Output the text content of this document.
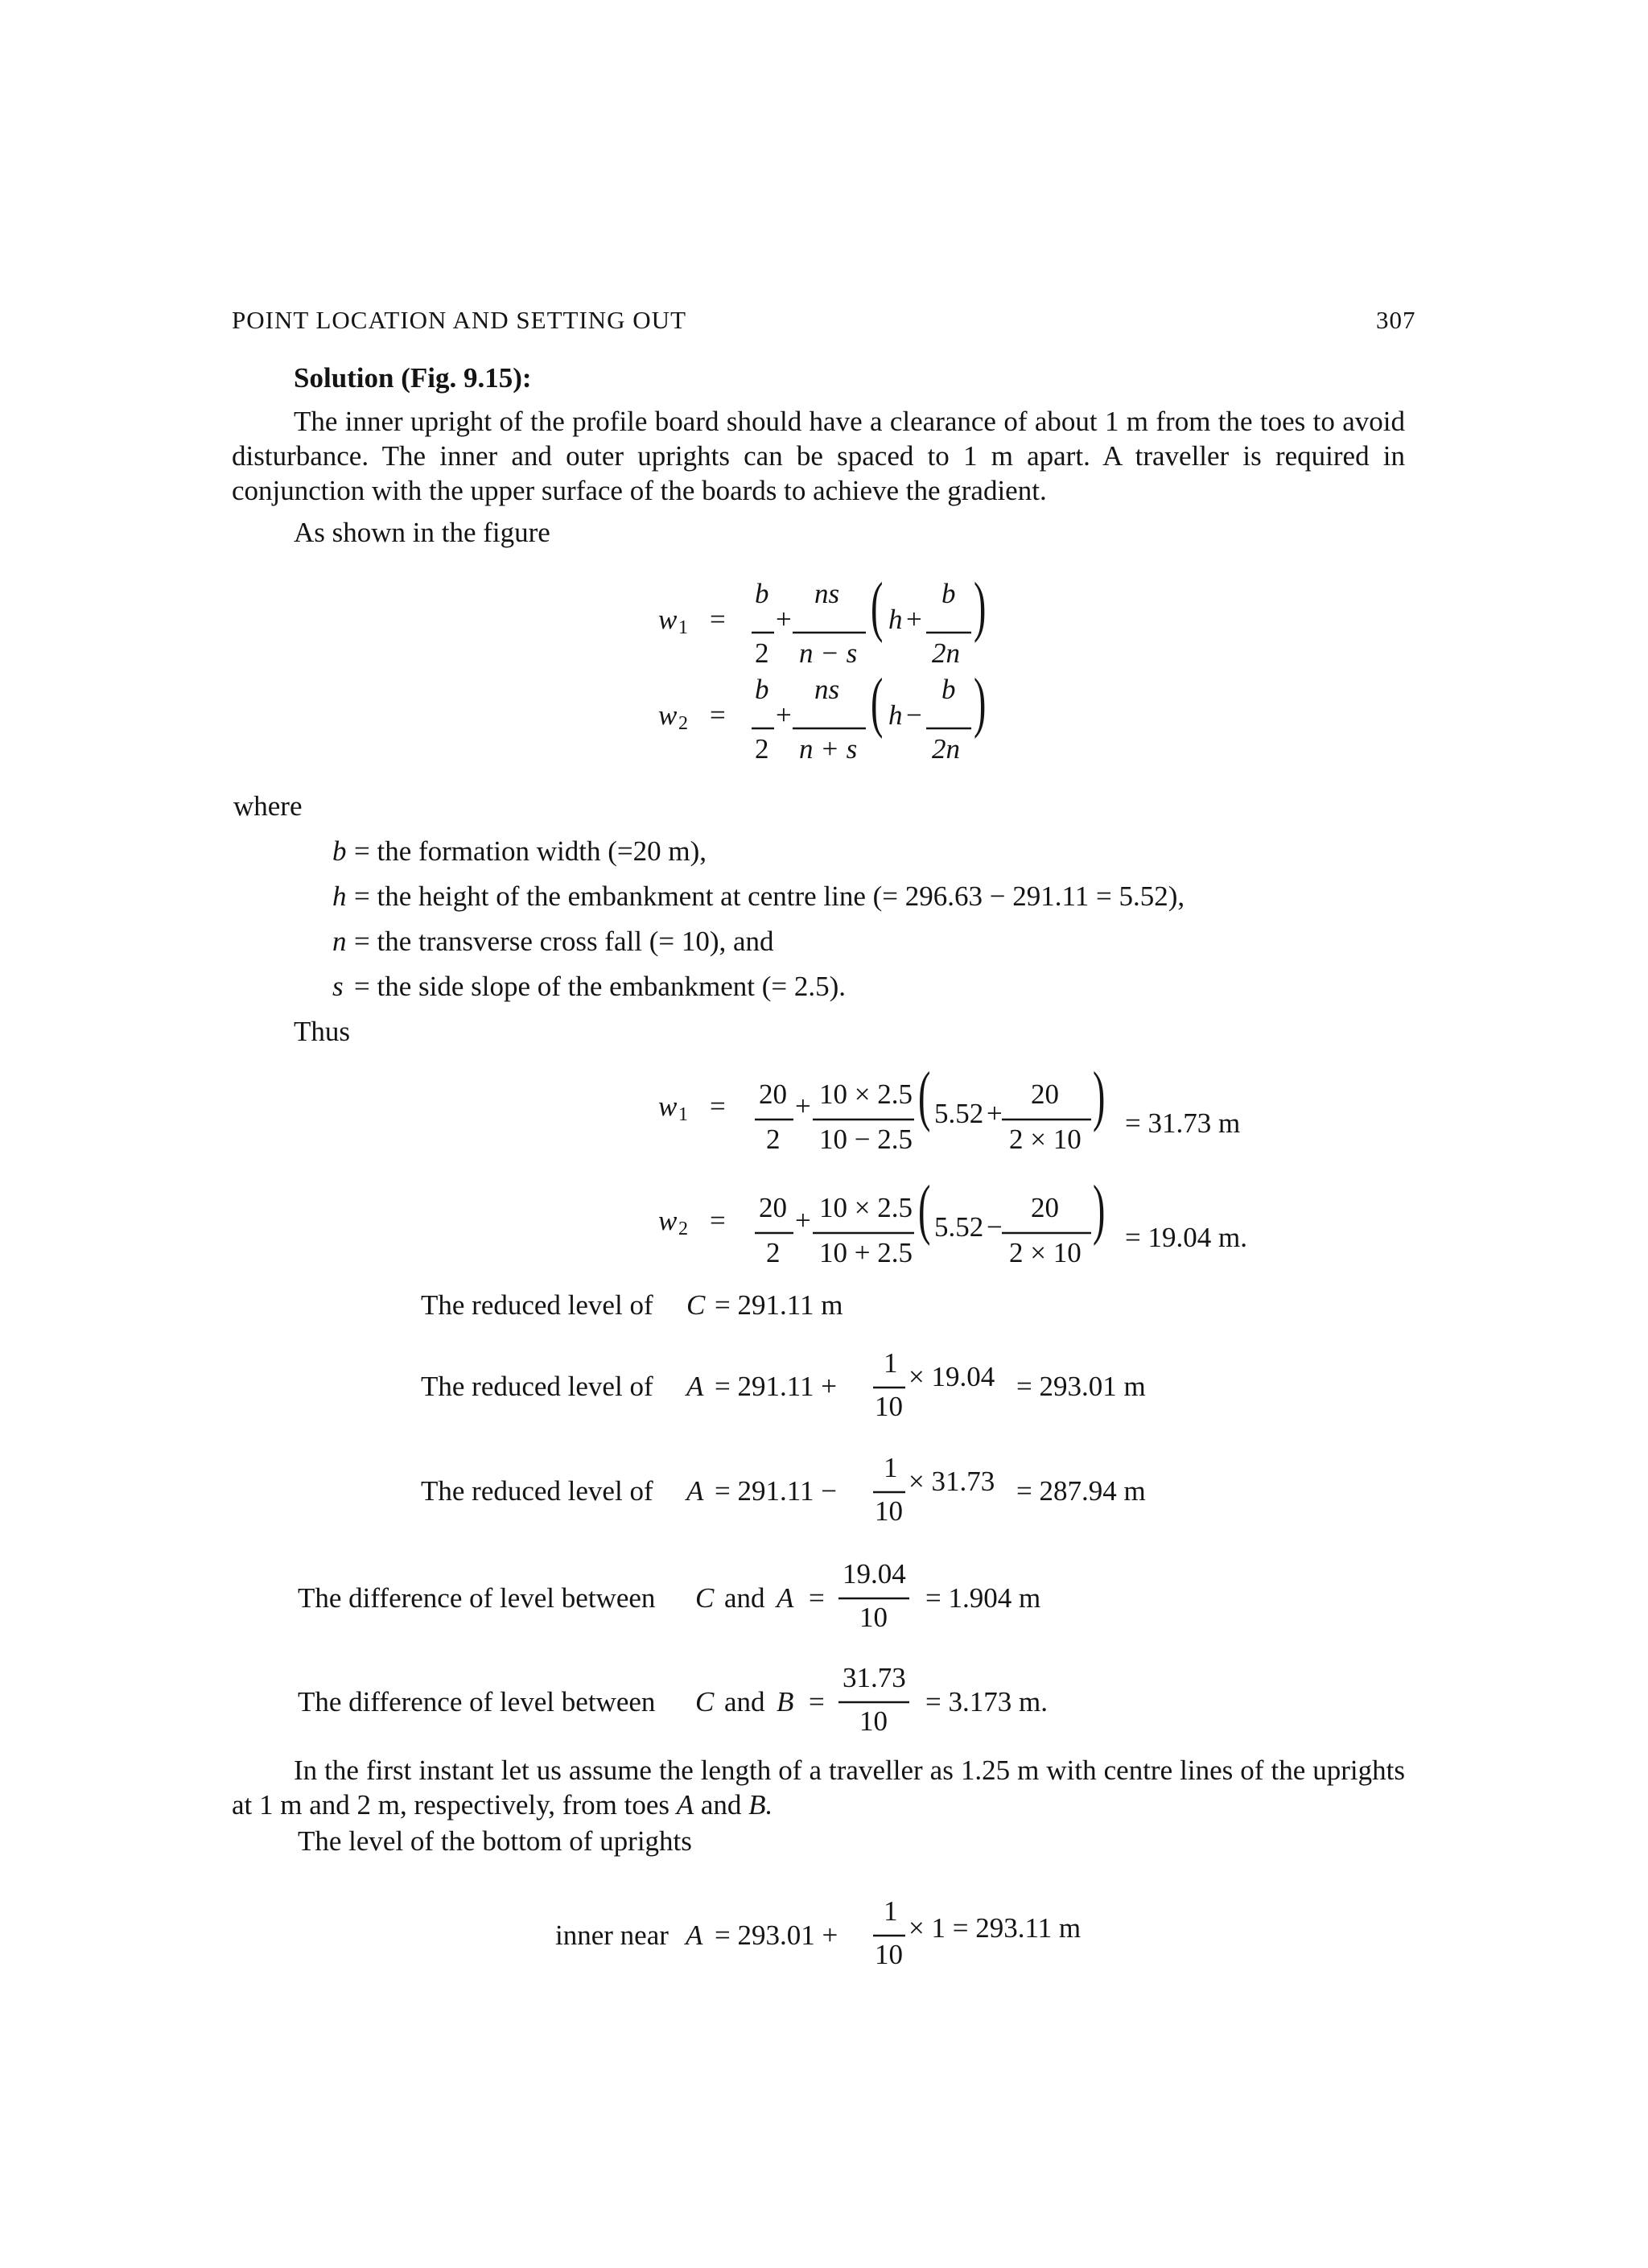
POINT LOCATION AND SETTING OUT	307
Solution (Fig. 9.15):
The inner upright of the profile board should have a clearance of about 1 m from the toes to avoid disturbance. The inner and outer uprights can be spaced to 1 m apart. A traveller is required in conjunction with the upper surface of the boards to achieve the gradient.
As shown in the figure
w 1 =
b
2
+
ns
n − s
( h +
b
2n
)
w 2 =
b
2
+
ns
n + s
( h −
b
2n
)
where
b = the formation width (=20 m),
h = the height of the embankment at centre line (= 296.63 − 291.11 = 5.52),
n = the transverse cross fall (= 10), and
s = the side slope of the embankment (= 2.5).
Thus
w 1 = 20
2
+ 10 × 2.5
10 − 2.5
( 5.52 +
20
2 × 10
) = 31.73 m
w 2 = 20
2
+ 10 × 2.5
10 + 2.5
( 5.52 −
20
2 × 10
) = 19.04 m.
The reduced level of C = 291.11 m
The reduced level of A = 291.11 +
1
10
× 19.04 = 293.01 m
The reduced level of A = 291.11 −
1
10
× 31.73 = 287.94 m
The difference of level between C and A =
19.04
10
= 1.904 m
The difference of level between C and B =
31.73
10
= 3.173 m.
In the first instant let us assume the length of a traveller as 1.25 m with centre lines of the uprights at 1 m and 2 m, respectively, from toes A and B.
The level of the bottom of uprights
inner near A = 293.01 +
1
10
× 1 = 293.11 m
